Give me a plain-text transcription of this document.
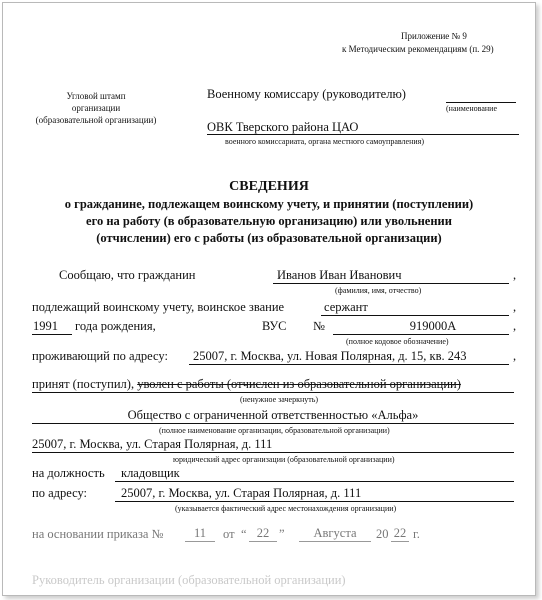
Приложение № 9
к Методическим рекомендациям (п. 29)
Угловой штамп
организации
(образовательной организации)
Военному комиссару (руководителю)
(наименование
ОВК Тверского района ЦАО
военного комиссариата, органа местного самоуправления)
СВЕДЕНИЯ
о гражданине, подлежащем воинскому учету, и принятии (поступлении)
его на работу (в образовательную организацию) или увольнении
(отчислении) его с работы (из образовательной организации)
Сообщаю, что гражданин	Иванов Иван Иванович	,
(фамилия, имя, отчество)
подлежащий воинскому учету, воинское звание	сержант	,
1991 года рождения,	ВУС №	919000А	,
(полное кодовое обозначение)
проживающий по адресу: 25007, г. Москва, ул. Новая Полярная, д. 15, кв. 243	,
принят (поступил), уволен с работы (отчислен из образовательной организации)
(ненужное зачеркнуть)
Общество с ограниченной ответственностью «Альфа»
(полное наименование организации, образовательной организации)
25007, г. Москва, ул. Старая Полярная, д. 111
юридический адрес организации (образовательной организации)
на должность кладовщик
по адресу:	25007, г. Москва, ул. Старая Полярная, д. 111
(указывается фактический адрес местонахождения организации)
на основании приказа №	11	от “ 22 ”	Августа	20 22 г.
Руководитель организации (образовательной организации)
